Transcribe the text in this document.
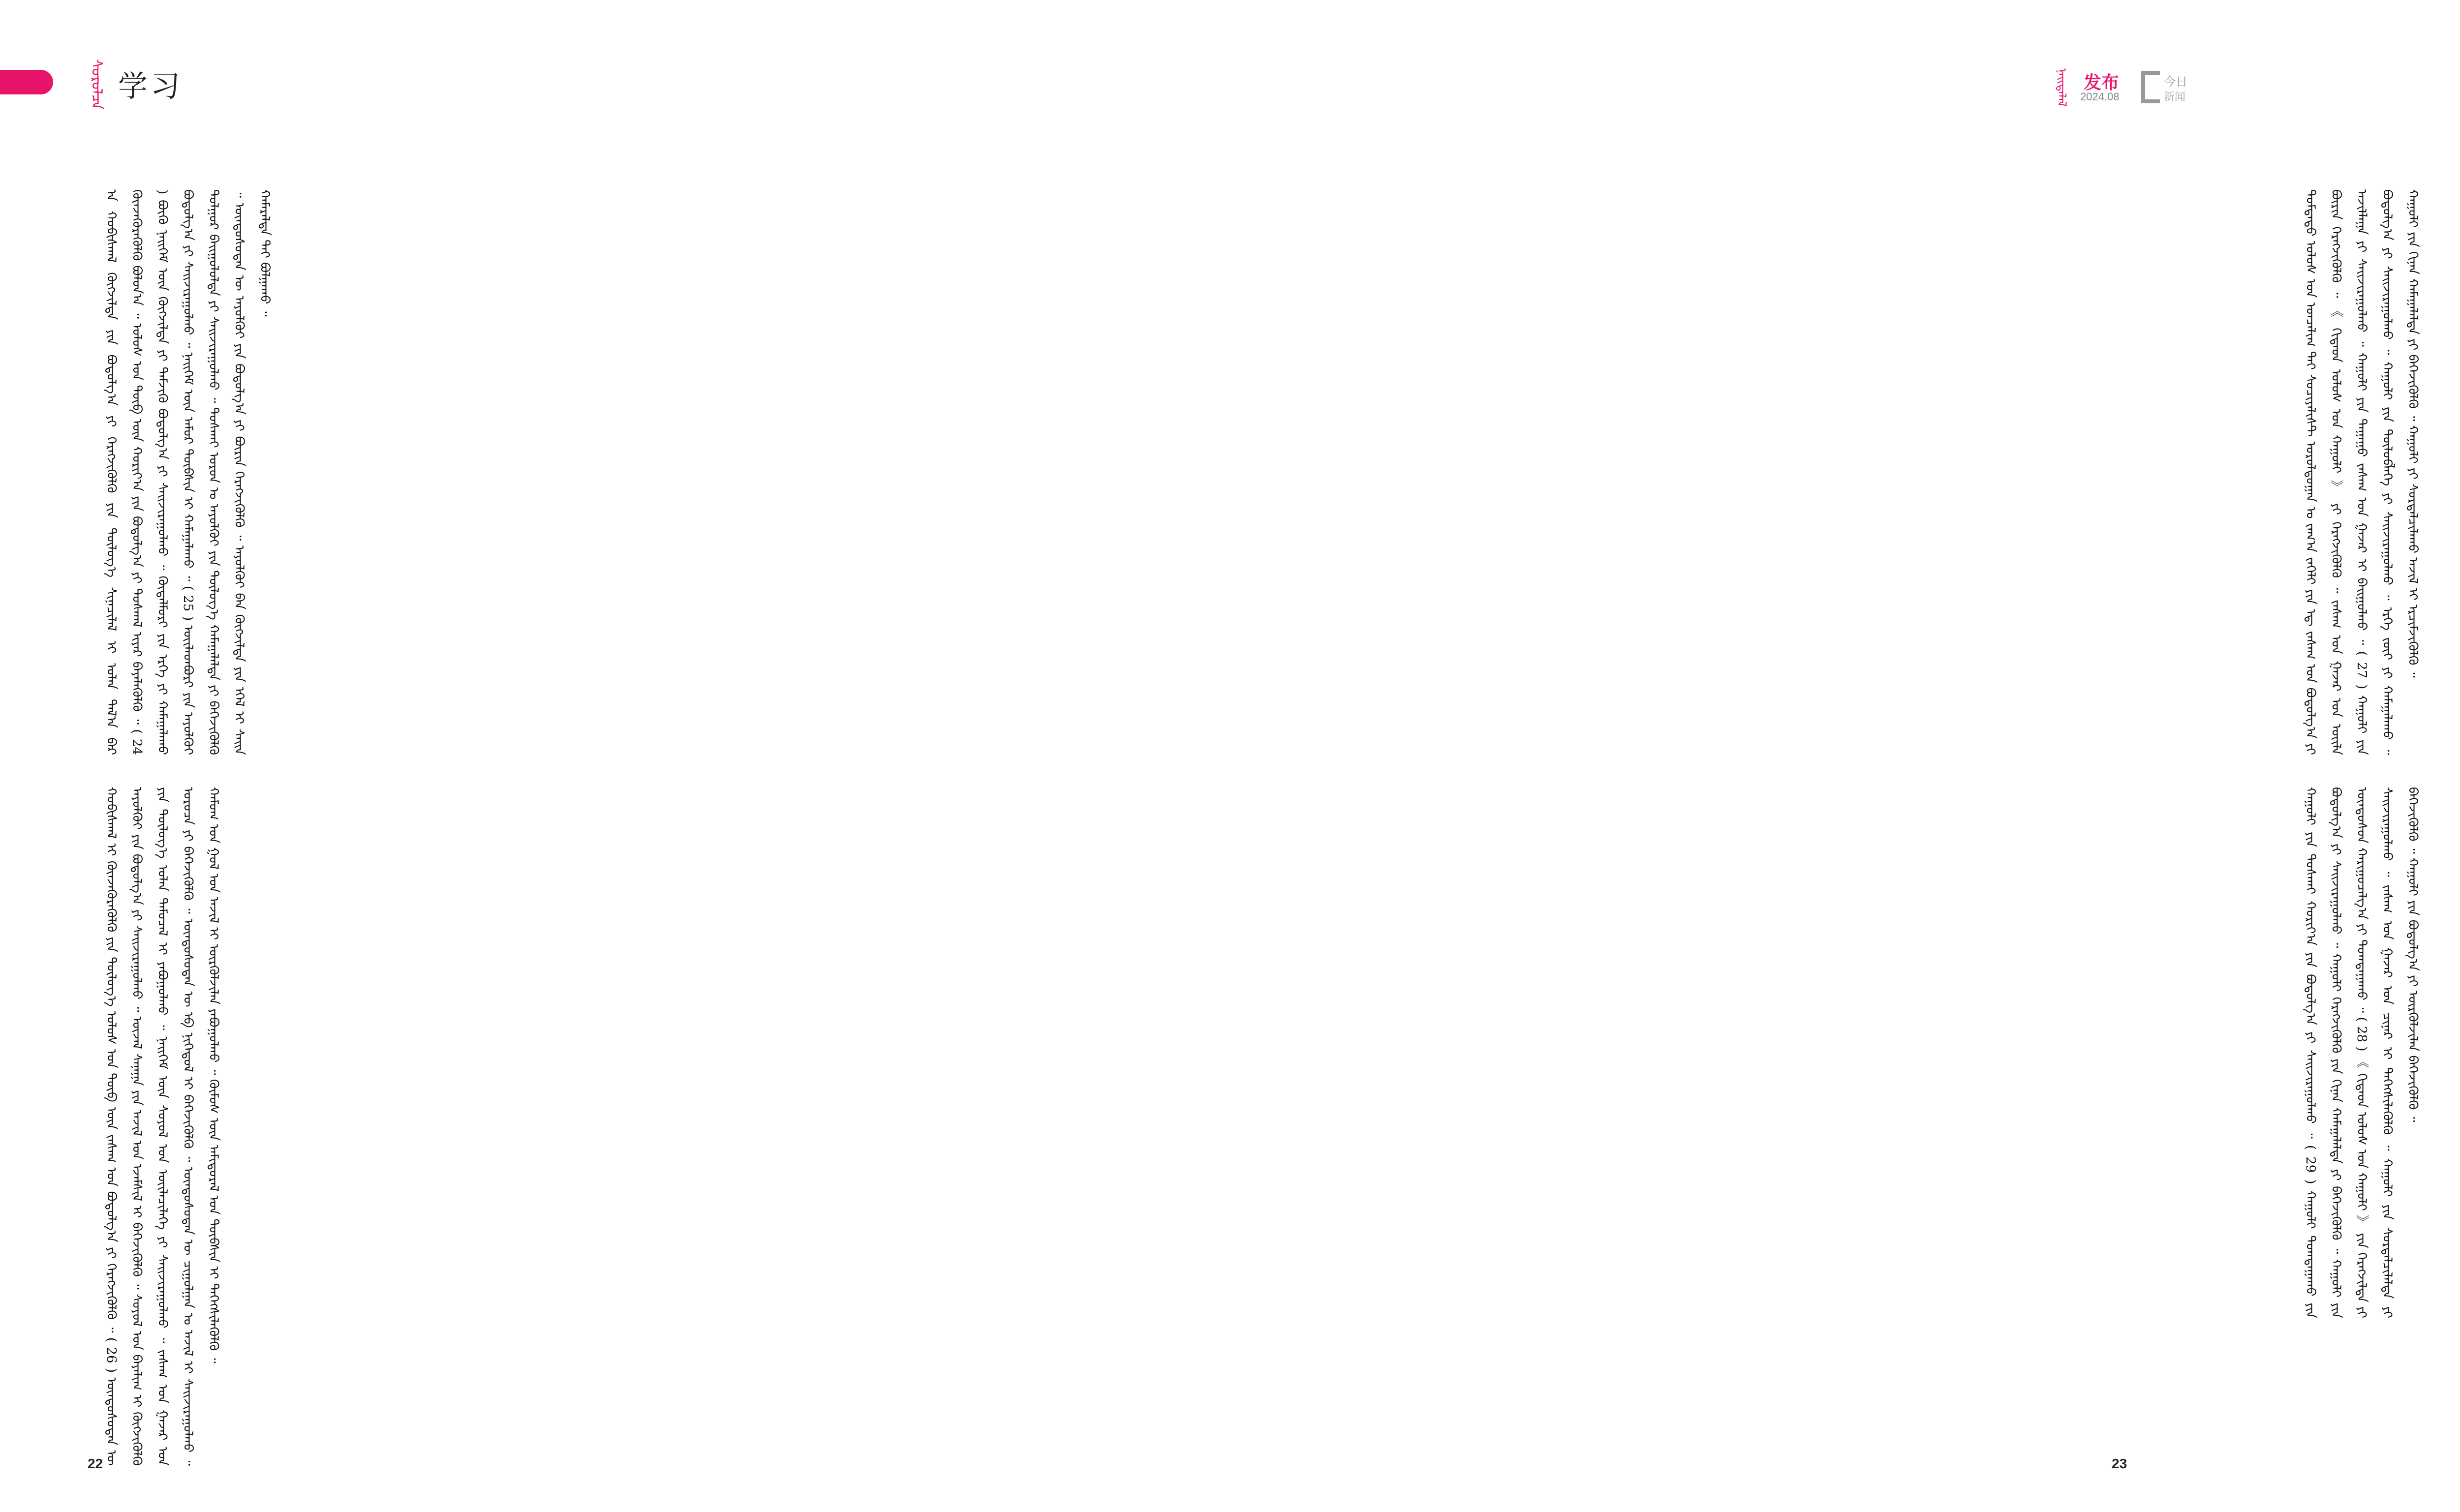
ᠰᠤᠷᠤᠯᠴᠠ 学习
ᠠ ᠬᠤᠪᠢᠰᠬᠠᠯ ᠬᠥᠭᠵᠢᠯᠲᠡ ᠶᠢᠨ ᠪᠣᠳᠣᠯᠭ᠎ᠠ ᠶᠢ ᠬᠡᠷᠡᠭᠵᠢᠭᠦᠯᠬᠦ ᠶᠢᠨ ᠲᠥᠯᠥᠭ᠎ᠡ ᠰᠢᠨᠡᠴᠢᠯᠡᠯ ᠢ ᠣᠯᠠᠨ ᠲᠠᠯ᠎ᠠ ᠪᠠᠷ ᠭᠦᠨᠵᠡᠭᠦᠷᠡᠭᠦᠯᠬᠦ ᠪᠣᠯᠤᠨ᠎ᠠ ᠃ ᠤᠯᠤᠰ ᠤᠨ ᠲᠥᠪ ᠦᠨ ᠬᠣᠷᠢᠶ᠎ᠠ ᠶᠢᠨ ᠪᠣᠳᠣᠯᠭ᠎ᠠ ᠶᠢ ᠲᠤᠰᠬᠠᠯ ᠢᠶᠠᠷ ᠪᠡᠶᠡᠯᠡᠭᠦᠯᠬᠦ ᠃ ( 24 ) ᠪᠦᠬᠦ ᠨᠡᠢᠭᠡᠮ ᠦᠨ ᠬᠥᠭᠵᠢᠯᠲᠡ ᠶᠢ ᠳᠡᠮᠵᠢᠬᠦ ᠪᠣᠳᠣᠯᠭ᠎ᠠ ᠶᠢ ᠰᠠᠢᠵᠢᠷᠠᠭᠤᠯᠬᠤ ᠃ ᠬᠥᠳᠡᠯᠮᠦᠷᠢ ᠶᠢᠨ ᠡᠷᠬᠡ ᠶᠢ ᠬᠠᠮᠠᠭᠠᠯᠠᠬᠤ ᠪᠣᠳᠣᠯᠭ᠎ᠠ ᠶᠢ ᠰᠠᠢᠵᠢᠷᠠᠭᠤᠯᠬᠤ ᠃ ᠨᠡᠢᠭᠡᠮ ᠦᠨ ᠠᠮᠤᠷ ᠲᠦᠪᠰᠢᠨ ᠢ ᠬᠠᠮᠠᠭᠠᠯᠠᠬᠤ ᠃ ( 25 ) ᠦᠢᠯᠡᠳᠪᠦᠷᠢ ᠶᠢᠨ ᠠᠶᠤᠯᠭᠦᠢ ᠲᠤᠯᠭᠤᠷ ᠪᠠᠢᠭᠤᠯᠤᠯᠲᠠ ᠶᠢ ᠰᠠᠢᠵᠢᠷᠠᠭᠤᠯᠬᠤ ᠃ ᠲᠤᠰᠬᠠᠢ ᠣᠷᠣᠨ ᠤ ᠠᠶᠤᠯᠭᠦᠢ ᠶᠢᠨ ᠲᠥᠯᠥᠭ᠎ᠡ ᠬᠠᠮᠠᠭᠠᠯᠠᠯᠲᠠ ᠶᠢ ᠪᠡᠬᠡᠵᠢᠭᠦᠯᠬᠦ ᠃ ᠦᠨᠳᠦᠰᠦᠲᠡᠨ ᠦ ᠠᠶᠤᠯᠭᠦᠢ ᠶᠢᠨ ᠪᠣᠳᠣᠯᠭ᠎ᠠ ᠶᠢ ᠪᠦᠷᠢᠨ ᠬᠡᠷᠡᠭᠵᠢᠭᠦᠯᠬᠦ ᠃ ᠠᠶᠤᠯᠭᠦᠢ ᠪᠡᠨ ᠬᠥᠭᠵᠢᠯᠲᠡ ᠶᠢᠨ ᠡᠭᠡᠯ ᠢ ᠰᠠᠢᠨ ᠬᠠᠮᠠᠷᠠᠯᠲᠠ ᠲᠠᠢ ᠪᠣᠯᠭᠠᠬᠤ ᠃
ᠬᠤᠪᠢᠰᠬᠠᠯ ᠢ ᠭᠦᠨᠵᠡᠭᠦᠷᠡᠭᠦᠯᠬᠦ ᠶᠢᠨ ᠲᠥᠯᠥᠭ᠎ᠡ ᠤᠯᠤᠰ ᠤᠨ ᠲᠥᠪ ᠦᠨ ᠵᠠᠰᠠᠭ ᠤᠨ ᠪᠣᠳᠣᠯᠭ᠎ᠠ ᠶᠢ ᠬᠡᠷᠡᠭᠵᠢᠭᠦᠯᠬᠦ ᠃ ( 26 ) ᠦᠨᠳᠦᠰᠦᠲᠡᠨ ᠦ ᠠᠶᠤᠯᠭᠦᠢ ᠶᠢᠨ ᠪᠣᠳᠣᠯᠭ᠎ᠠ ᠶᠢ ᠰᠠᠢᠵᠢᠷᠠᠭᠤᠯᠬᠤ ᠃ ᠦᠵᠡᠯ ᠰᠠᠨᠠᠭᠠ ᠶᠢᠨ ᠠᠵᠢᠯ ᠤᠨ ᠡᠵᠡᠮᠰᠢᠯ ᠢ ᠪᠡᠬᠡᠵᠢᠭᠦᠯᠬᠦ ᠃ ᠰᠣᠶᠣᠯ ᠤᠨ ᠪᠠᠶᠠᠯᠢᠭ ᠢ ᠬᠥᠭᠵᠢᠭᠦᠯᠬᠦ ᠶᠢᠨ ᠲᠥᠯᠥᠭ᠎ᠡ ᠣᠯᠠᠨ ᠲᠡᠮᠦᠴᠡᠯ ᠢ ᠶᠠᠪᠤᠭᠤᠯᠬᠤ ᠃ ᠨᠡᠢᠭᠡᠮ ᠦᠨ ᠰᠣᠶᠣᠯ ᠤᠨ ᠦᠢᠯᠡᠴᠢᠯᠡᠭᠡ ᠶᠢ ᠰᠠᠢᠵᠢᠷᠠᠭᠤᠯᠬᠤ ᠃ ᠵᠠᠰᠠᠭ ᠤᠨ ᠭᠠᠵᠠᠷ ᠤᠨ ᠣᠷᠣᠴᠠ ᠶᠢ ᠪᠡᠬᠡᠵᠢᠭᠦᠯᠬᠦ ᠃ ᠦᠨᠳᠦᠰᠦᠲᠡᠨ ᠦ ᠡᠪ ᠨᠢᠭᠡᠳᠦᠯ ᠢ ᠪᠡᠬᠡᠵᠢᠭᠦᠯᠬᠦ ᠃ ᠦᠨᠳᠦᠰᠦᠲᠡᠨ ᠦ ᠴᠢᠭᠤᠯᠭᠠᠨ ᠤ ᠠᠵᠢᠯ ᠢ ᠰᠠᠢᠵᠢᠷᠠᠭᠤᠯᠬᠤ ᠃ ᠬᠠᠮᠤᠭ ᠤᠨ ᠭᠣᠯ ᠤᠨ ᠠᠵᠢᠯ ᠢ ᠦᠷᠭᠦᠯᠵᠢᠯᠡᠨ ᠶᠠᠪᠤᠭᠤᠯᠬᠤ ᠃ ᠬᠦᠮᠦᠰ ᠦᠨ ᠠᠮᠢᠳᠤᠷᠠᠯ ᠤᠨ ᠲᠦᠪᠰᠢᠨ ᠢ ᠳᠡᠭᠡᠭᠰᠢᠯᠡᠭᠦᠯᠬᠦ ᠃
22
ᠳᠤᠮᠳᠠᠳᠤ ᠤᠯᠤᠰ ᠤᠨ ᠣᠨᠴᠠᠯᠢᠭ ᠲᠠᠢ ᠰᠣᠴᠢᠶᠠᠯᠢᠰᠲ ᠤᠷᠤᠯᠳᠤᠭᠠᠨ ᠤ ᠵᠠᠬ᠎ᠠ ᠵᠡᠭᠡᠯᠢ ᠶᠢᠨ ᠡᠳ᠋ ᠵᠠᠰᠠᠭ ᠤᠨ ᠪᠣᠳᠣᠯᠭ᠎ᠠ ᠶᠢ ᠪᠦᠷᠢᠨ ᠬᠡᠷᠡᠭᠵᠢᠭᠦᠯᠬᠦ ᠃ 《 ᠬᠢᠲᠠᠳ ᠤᠯᠤᠰ ᠤᠨ ᠬᠠᠭᠤᠯᠢ 》 ᠶᠢ ᠬᠡᠷᠡᠭᠵᠢᠭᠦᠯᠬᠦ ᠃ ᠵᠠᠰᠠᠭ ᠤᠨ ᠭᠠᠵᠠᠷ ᠤᠨ ᠦᠢᠯᠡ ᠠᠵᠢᠯᠯᠠᠭᠠ ᠶᠢ ᠰᠠᠢᠵᠢᠷᠠᠭᠤᠯᠬᠤ ᠃ ᠬᠠᠭᠤᠯᠢ ᠶᠢᠨ ᠳᠠᠭᠠᠭᠤ ᠵᠠᠰᠠᠭ ᠤᠨ ᠭᠠᠵᠠᠷ ᠢ ᠪᠠᠢᠭᠤᠯᠬᠤ ᠃ ( 27 ) ᠬᠠᠭᠤᠯᠢ ᠶᠢᠨ ᠪᠣᠳᠣᠯᠭ᠎ᠠ ᠶᠢ ᠰᠠᠢᠵᠢᠷᠠᠭᠤᠯᠬᠤ ᠃ ᠬᠠᠭᠤᠯᠢ ᠶᠢᠨ ᠲᠥᠯᠥᠪᠯᠡᠭᠡ ᠶᠢ ᠰᠠᠢᠵᠢᠷᠠᠭᠤᠯᠬᠤ ᠃ ᠡᠷᠬᠡ ᠵᠦᠢ ᠶᠢ ᠬᠠᠮᠠᠭᠠᠯᠠᠬᠤ ᠃ ᠬᠠᠭᠤᠯᠢ ᠶᠢᠨ ᠬᠢᠨᠠᠨ ᠬᠠᠮᠠᠭᠠᠯᠠᠯᠲᠠ ᠶᠢ ᠪᠡᠬᠡᠵᠢᠭᠦᠯᠬᠦ ᠃ ᠬᠠᠭᠤᠯᠢ ᠶᠢ ᠰᠤᠷᠲᠠᠯᠴᠢᠯᠠᠬᠤ ᠠᠵᠢᠯ ᠢ ᠡᠷᠴᠢᠮᠵᠢᠭᠦᠯᠬᠦ ᠃
ᠬᠠᠭᠤᠯᠢ ᠶᠢᠨ ᠲᠤᠰᠬᠠᠢ ᠬᠣᠷᠢᠶ᠎ᠠ ᠶᠢᠨ ᠪᠣᠳᠣᠯᠭ᠎ᠠ ᠶᠢ ᠰᠠᠢᠵᠢᠷᠠᠭᠤᠯᠬᠤ ᠃ ( 29 ) ᠬᠠᠭᠤᠯᠢ ᠲᠣᠭᠲᠠᠭᠠᠬᠤ ᠶᠢᠨ ᠪᠣᠳᠣᠯᠭ᠎ᠠ ᠶᠢ ᠰᠠᠢᠵᠢᠷᠠᠭᠤᠯᠬᠤ ᠃ ᠬᠠᠭᠤᠯᠢ ᠬᠡᠷᠡᠭᠵᠢᠭᠦᠯᠬᠦ ᠶᠢᠨ ᠬᠢᠨᠠᠨ ᠬᠠᠮᠠᠭᠠᠯᠠᠯᠲᠠ ᠶᠢ ᠪᠡᠬᠡᠵᠢᠭᠦᠯᠬᠦ ᠃ ᠬᠠᠭᠤᠯᠢ ᠶᠢᠨ ᠦᠨᠳᠦᠰᠦᠨ ᠬᠠᠷᠢᠭᠤᠴᠠᠯᠭ᠎ᠠ ᠶᠢ ᠲᠣᠭᠲᠠᠭᠠᠬᠤ ᠃ ( 28 ) 《 ᠬᠢᠲᠠᠳ ᠤᠯᠤᠰ ᠤᠨ ᠬᠠᠭᠤᠯᠢ 》 ᠶᠢᠨ ᠬᠡᠷᠡᠭᠵᠢᠯᠲᠡ ᠶᠢ ᠰᠠᠢᠵᠢᠷᠠᠭᠤᠯᠬᠤ ᠃ ᠵᠠᠰᠠᠭ ᠤᠨ ᠭᠠᠵᠠᠷ ᠤᠨ ᠴᠢᠨᠠᠷ ᠢ ᠳᠡᠭᠡᠭᠰᠢᠯᠡᠭᠦᠯᠬᠦ ᠃ ᠬᠠᠭᠤᠯᠢ ᠶᠢᠨ ᠰᠤᠷᠲᠠᠯᠴᠢᠯᠠᠯᠲᠠ ᠶᠢ ᠪᠡᠬᠡᠵᠢᠭᠦᠯᠬᠦ ᠃ ᠬᠠᠭᠤᠯᠢ ᠶᠢᠨ ᠪᠣᠳᠣᠯᠭ᠎ᠠ ᠶᠢ ᠦᠷᠭᠦᠯᠵᠢᠯᠡᠨ ᠪᠡᠬᠡᠵᠢᠭᠦᠯᠬᠦ ᠃
ᠨᠡᠢᠲᠡᠯᠡᠯ 发布
2024.08
今日
新闻
23
